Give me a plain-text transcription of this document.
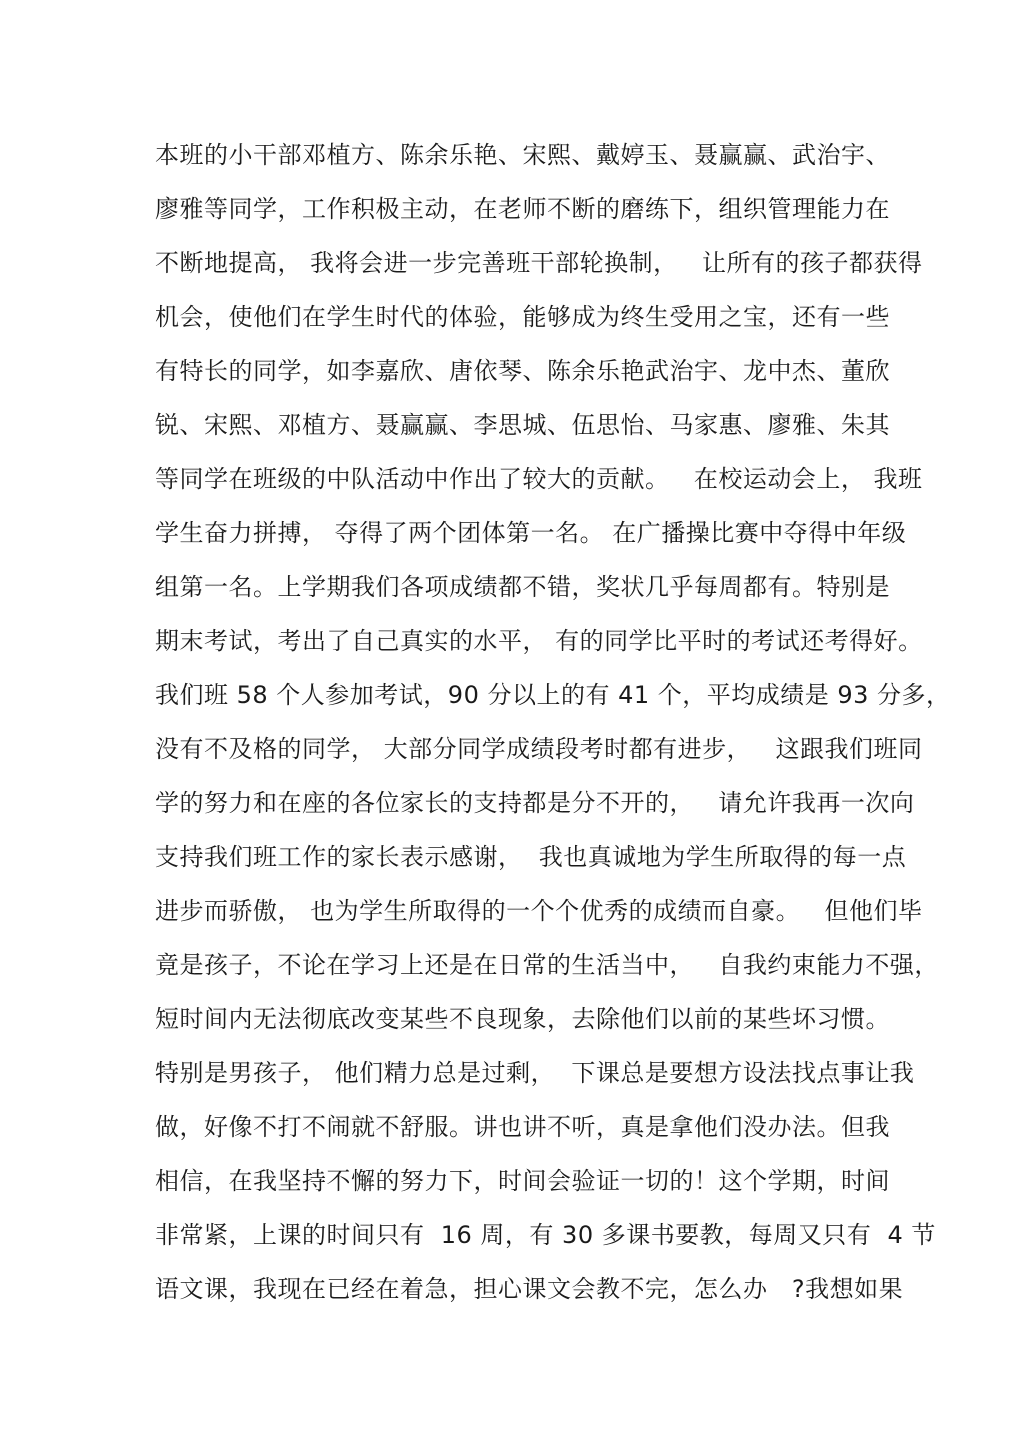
本班的小干部邓植方、陈余乐艳、宋熙、戴婷玉、聂赢赢、武治宇、
廖雅等同学，工作积极主动，在老师不断的磨练下，组织管理能力在
不断地提高， 我将会进一步完善班干部轮换制，   让所有的孩子都获得
机会，使他们在学生时代的体验，能够成为终生受用之宝，还有一些
有特长的同学，如李嘉欣、唐依琴、陈余乐艳武治宇、龙中杰、董欣
锐、宋熙、邓植方、聂赢赢、李思城、伍思怡、马家惠、廖雅、朱其
等同学在班级的中队活动中作出了较大的贡献。   在校运动会上， 我班
学生奋力拼搏， 夺得了两个团体第一名。 在广播操比赛中夺得中年级
组第一名。上学期我们各项成绩都不错，奖状几乎每周都有。特别是
期末考试，考出了自己真实的水平， 有的同学比平时的考试还考得好。
我们班 58 个人参加考试，90 分以上的有 41 个，平均成绩是 93 分多，
没有不及格的同学， 大部分同学成绩段考时都有进步，   这跟我们班同
学的努力和在座的各位家长的支持都是分不开的，   请允许我再一次向
支持我们班工作的家长表示感谢，  我也真诚地为学生所取得的每一点
进步而骄傲， 也为学生所取得的一个个优秀的成绩而自豪。   但他们毕
竟是孩子，不论在学习上还是在日常的生活当中，   自我约束能力不强，
短时间内无法彻底改变某些不良现象，去除他们以前的某些坏习惯。
特别是男孩子， 他们精力总是过剩，  下课总是要想方设法找点事让我
做，好像不打不闹就不舒服。讲也讲不听，真是拿他们没办法。但我
相信，在我坚持不懈的努力下，时间会验证一切的！这个学期，时间
非常紧，上课的时间只有  16 周，有 30 多课书要教，每周又只有  4 节
语文课，我现在已经在着急，担心课文会教不完，怎么办   ?我想如果
